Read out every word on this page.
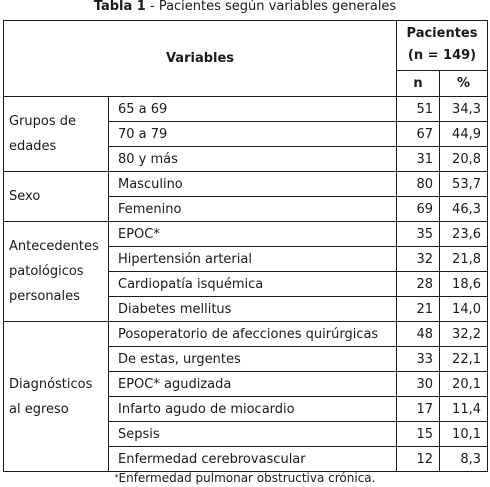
Tabla 1 - Pacientes según variables generales
Variables		Pacientes
(n = 149)	

		n	%
Grupos de edades	65 a 69	51	34,3
	70 a 79	67	44,9
	80 y más	31	20,8
Sexo	Masculino	80	53,7
	Femenino	69	46,3
Antecedentes patológicos personales	EPOC*	35	23,6
	Hipertensión arterial	32	21,8
	Cardiopatía isquémica	28	18,6
	Diabetes mellitus	21	14,0
Diagnósticos al egreso	Posoperatorio de afecciones quirúrgicas	48	32,2
	De estas, urgentes	33	22,1
	EPOC* agudizada	30	20,1
	Infarto agudo de miocardio	17	11,4
	Sepsis	15	10,1
	Enfermedad cerebrovascular	12	8,3
*Enfermedad pulmonar obstructiva crónica.
